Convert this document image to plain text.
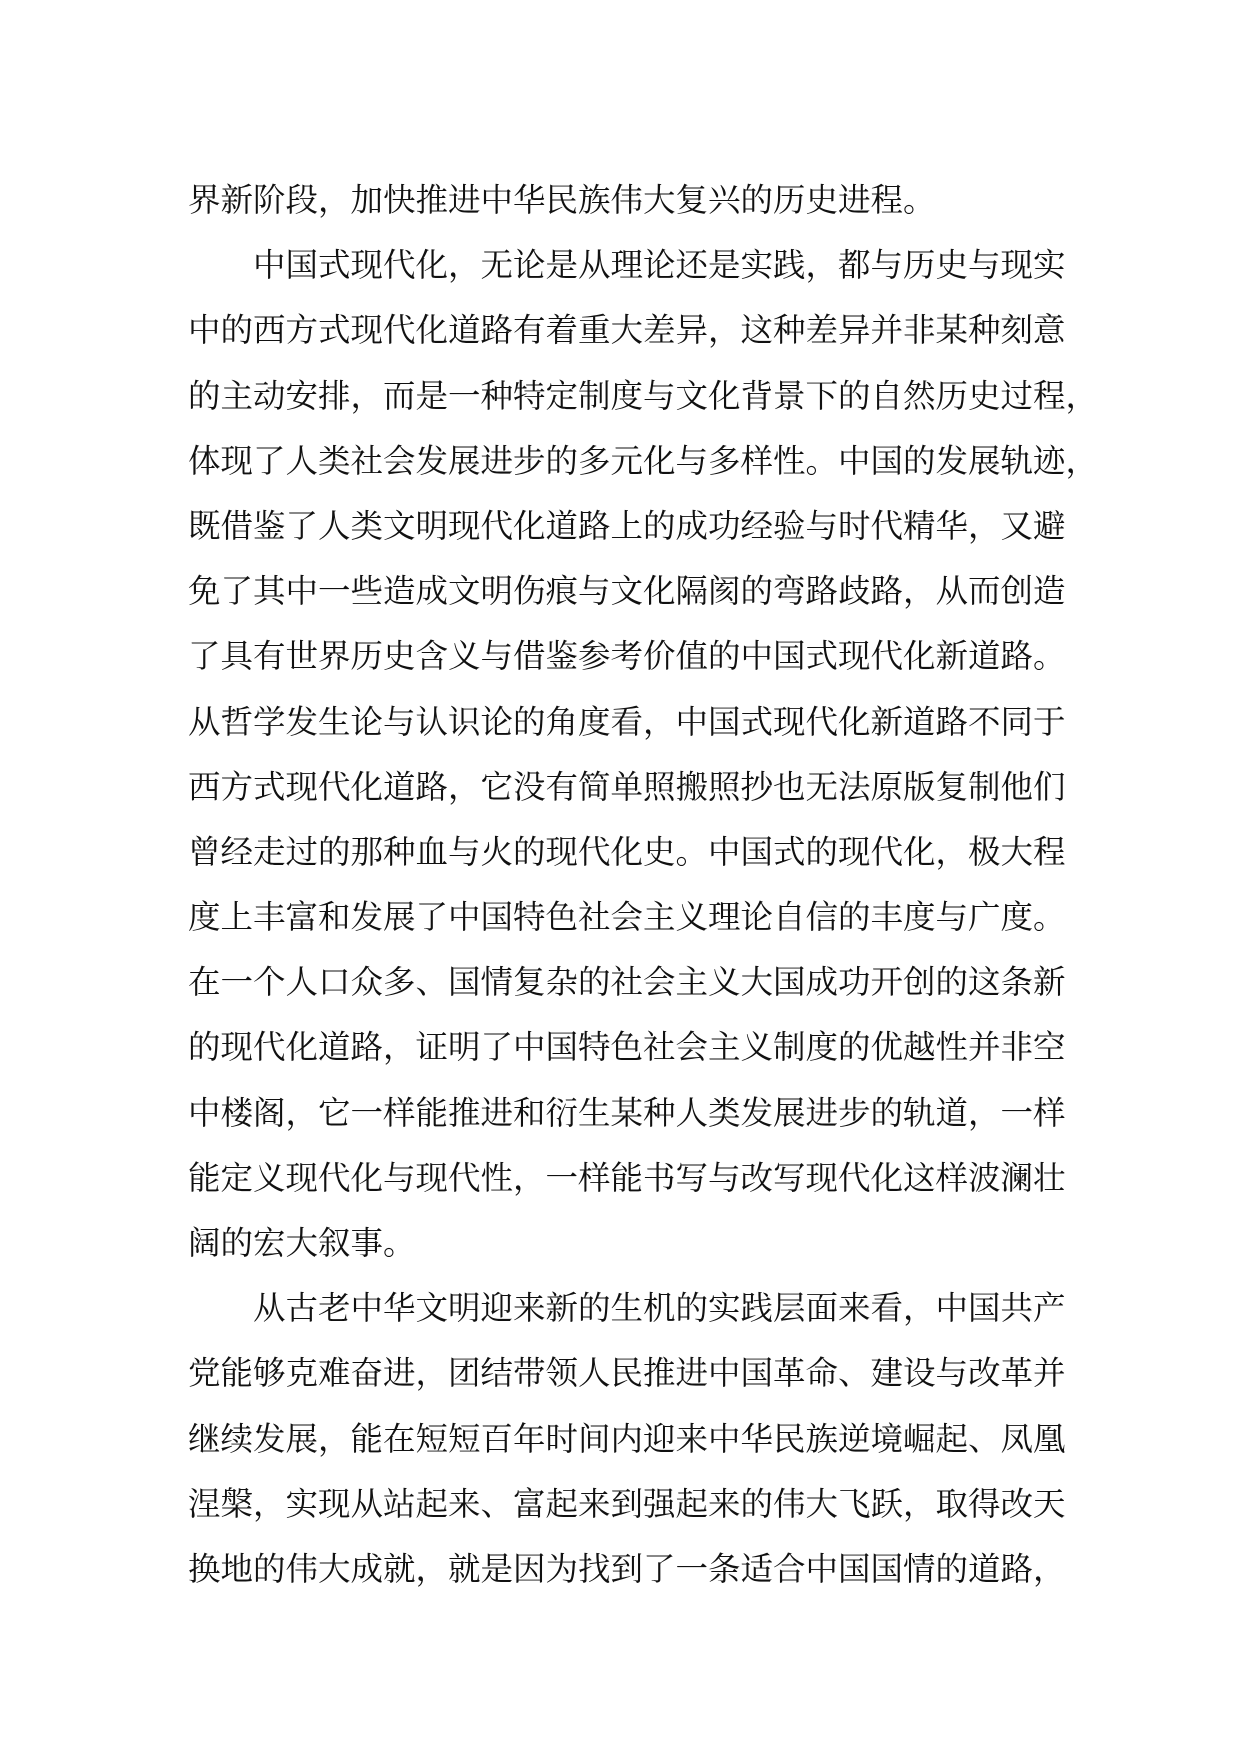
界新阶段，加快推进中华民族伟大复兴的历史进程。
中国式现代化，无论是从理论还是实践，都与历史与现实
中的西方式现代化道路有着重大差异，这种差异并非某种刻意
的主动安排，而是一种特定制度与文化背景下的自然历史过程，
体现了人类社会发展进步的多元化与多样性。中国的发展轨迹，
既借鉴了人类文明现代化道路上的成功经验与时代精华，又避
免了其中一些造成文明伤痕与文化隔阂的弯路歧路，从而创造
了具有世界历史含义与借鉴参考价值的中国式现代化新道路。
从哲学发生论与认识论的角度看，中国式现代化新道路不同于
西方式现代化道路，它没有简单照搬照抄也无法原版复制他们
曾经走过的那种血与火的现代化史。中国式的现代化，极大程
度上丰富和发展了中国特色社会主义理论自信的丰度与广度。
在一个人口众多、国情复杂的社会主义大国成功开创的这条新
的现代化道路，证明了中国特色社会主义制度的优越性并非空
中楼阁，它一样能推进和衍生某种人类发展进步的轨道，一样
能定义现代化与现代性，一样能书写与改写现代化这样波澜壮
阔的宏大叙事。
从古老中华文明迎来新的生机的实践层面来看，中国共产
党能够克难奋进，团结带领人民推进中国革命、建设与改革并
继续发展，能在短短百年时间内迎来中华民族逆境崛起、凤凰
涅槃，实现从站起来、富起来到强起来的伟大飞跃，取得改天
换地的伟大成就，就是因为找到了一条适合中国国情的道路，
